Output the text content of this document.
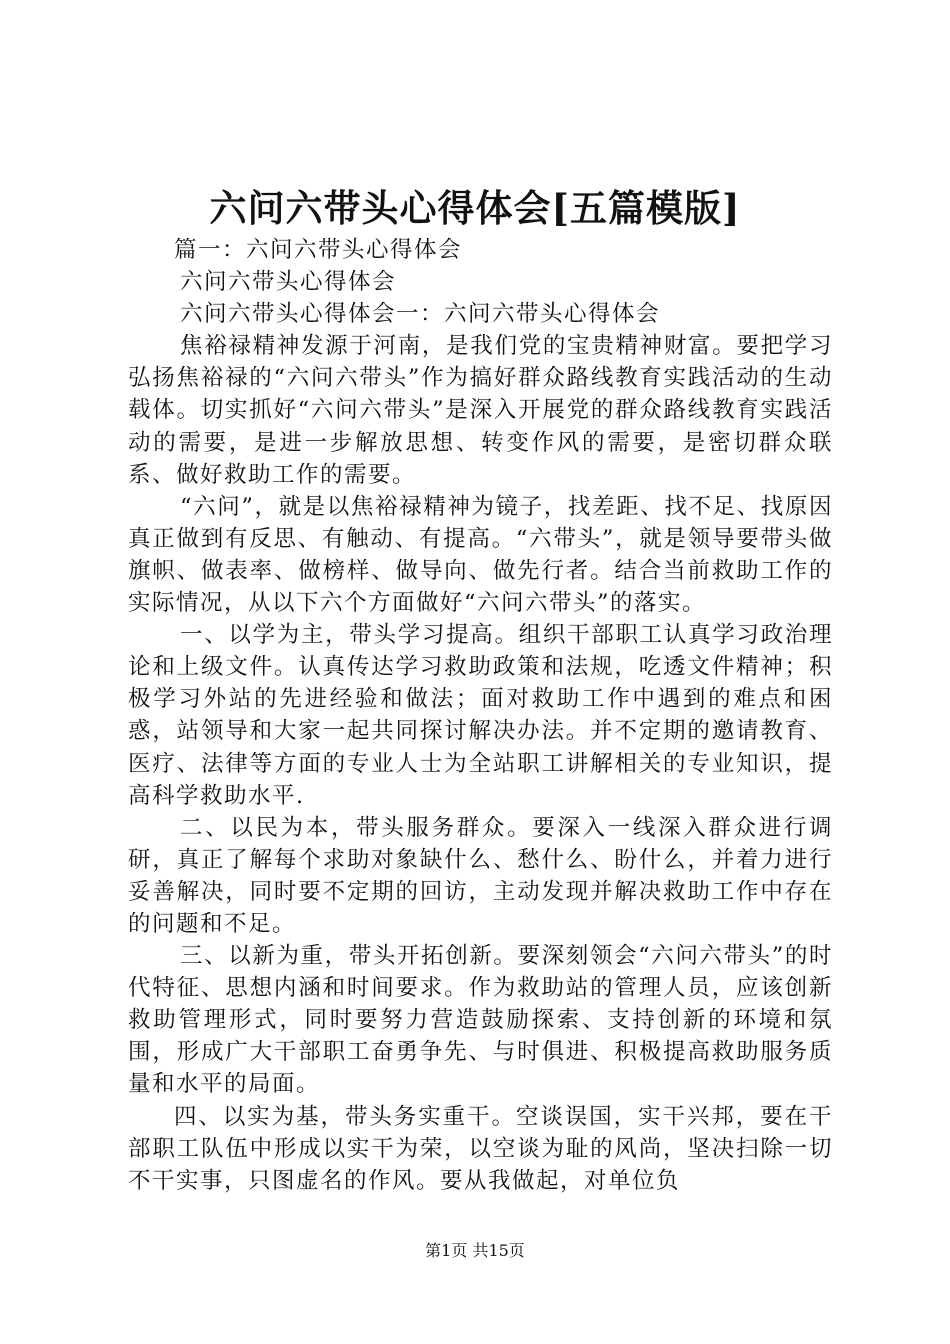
六问六带头心得体会[五篇模版]
篇一：六问六带头心得体会
六问六带头心得体会
六问六带头心得体会一：六问六带头心得体会

焦裕禄精神发源于河南，是我们党的宝贵精神财富。要把学习弘扬焦裕禄的“六问六带头”作为搞好群众路线教育实践活动的生动载体。切实抓好“六问六带头”是深入开展党的群众路线教育实践活动的需要，是进一步解放思想、转变作风的需要，是密切群众联系、做好救助工作的需要。

“六问”，就是以焦裕禄精神为镜子，找差距、找不足、找原因真正做到有反思、有触动、有提高。“六带头”，就是领导要带头做旗帜、做表率、做榜样、做导向、做先行者。结合当前救助工作的实际情况，从以下六个方面做好“六问六带头”的落实。

一、以学为主，带头学习提高。组织干部职工认真学习政治理论和上级文件。认真传达学习救助政策和法规，吃透文件精神；积极学习外站的先进经验和做法；面对救助工作中遇到的难点和困惑，站领导和大家一起共同探讨解决办法。并不定期的邀请教育、医疗、法律等方面的专业人士为全站职工讲解相关的专业知识，提高科学救助水平.

二、以民为本，带头服务群众。要深入一线深入群众进行调研，真正了解每个求助对象缺什么、愁什么、盼什么，并着力进行妥善解决，同时要不定期的回访，主动发现并解决救助工作中存在的问题和不足。

三、以新为重，带头开拓创新。要深刻领会“六问六带头”的时代特征、思想内涵和时间要求。作为救助站的管理人员，应该创新救助管理形式，同时要努力营造鼓励探索、支持创新的环境和氛围，形成广大干部职工奋勇争先、与时俱进、积极提高救助服务质量和水平的局面。

四、以实为基，带头务实重干。空谈误国，实干兴邦，要在干部职工队伍中形成以实干为荣，以空谈为耻的风尚，坚决扫除一切不干实事，只图虚名的作风。要从我做起，对单位负

第1页 共15页
